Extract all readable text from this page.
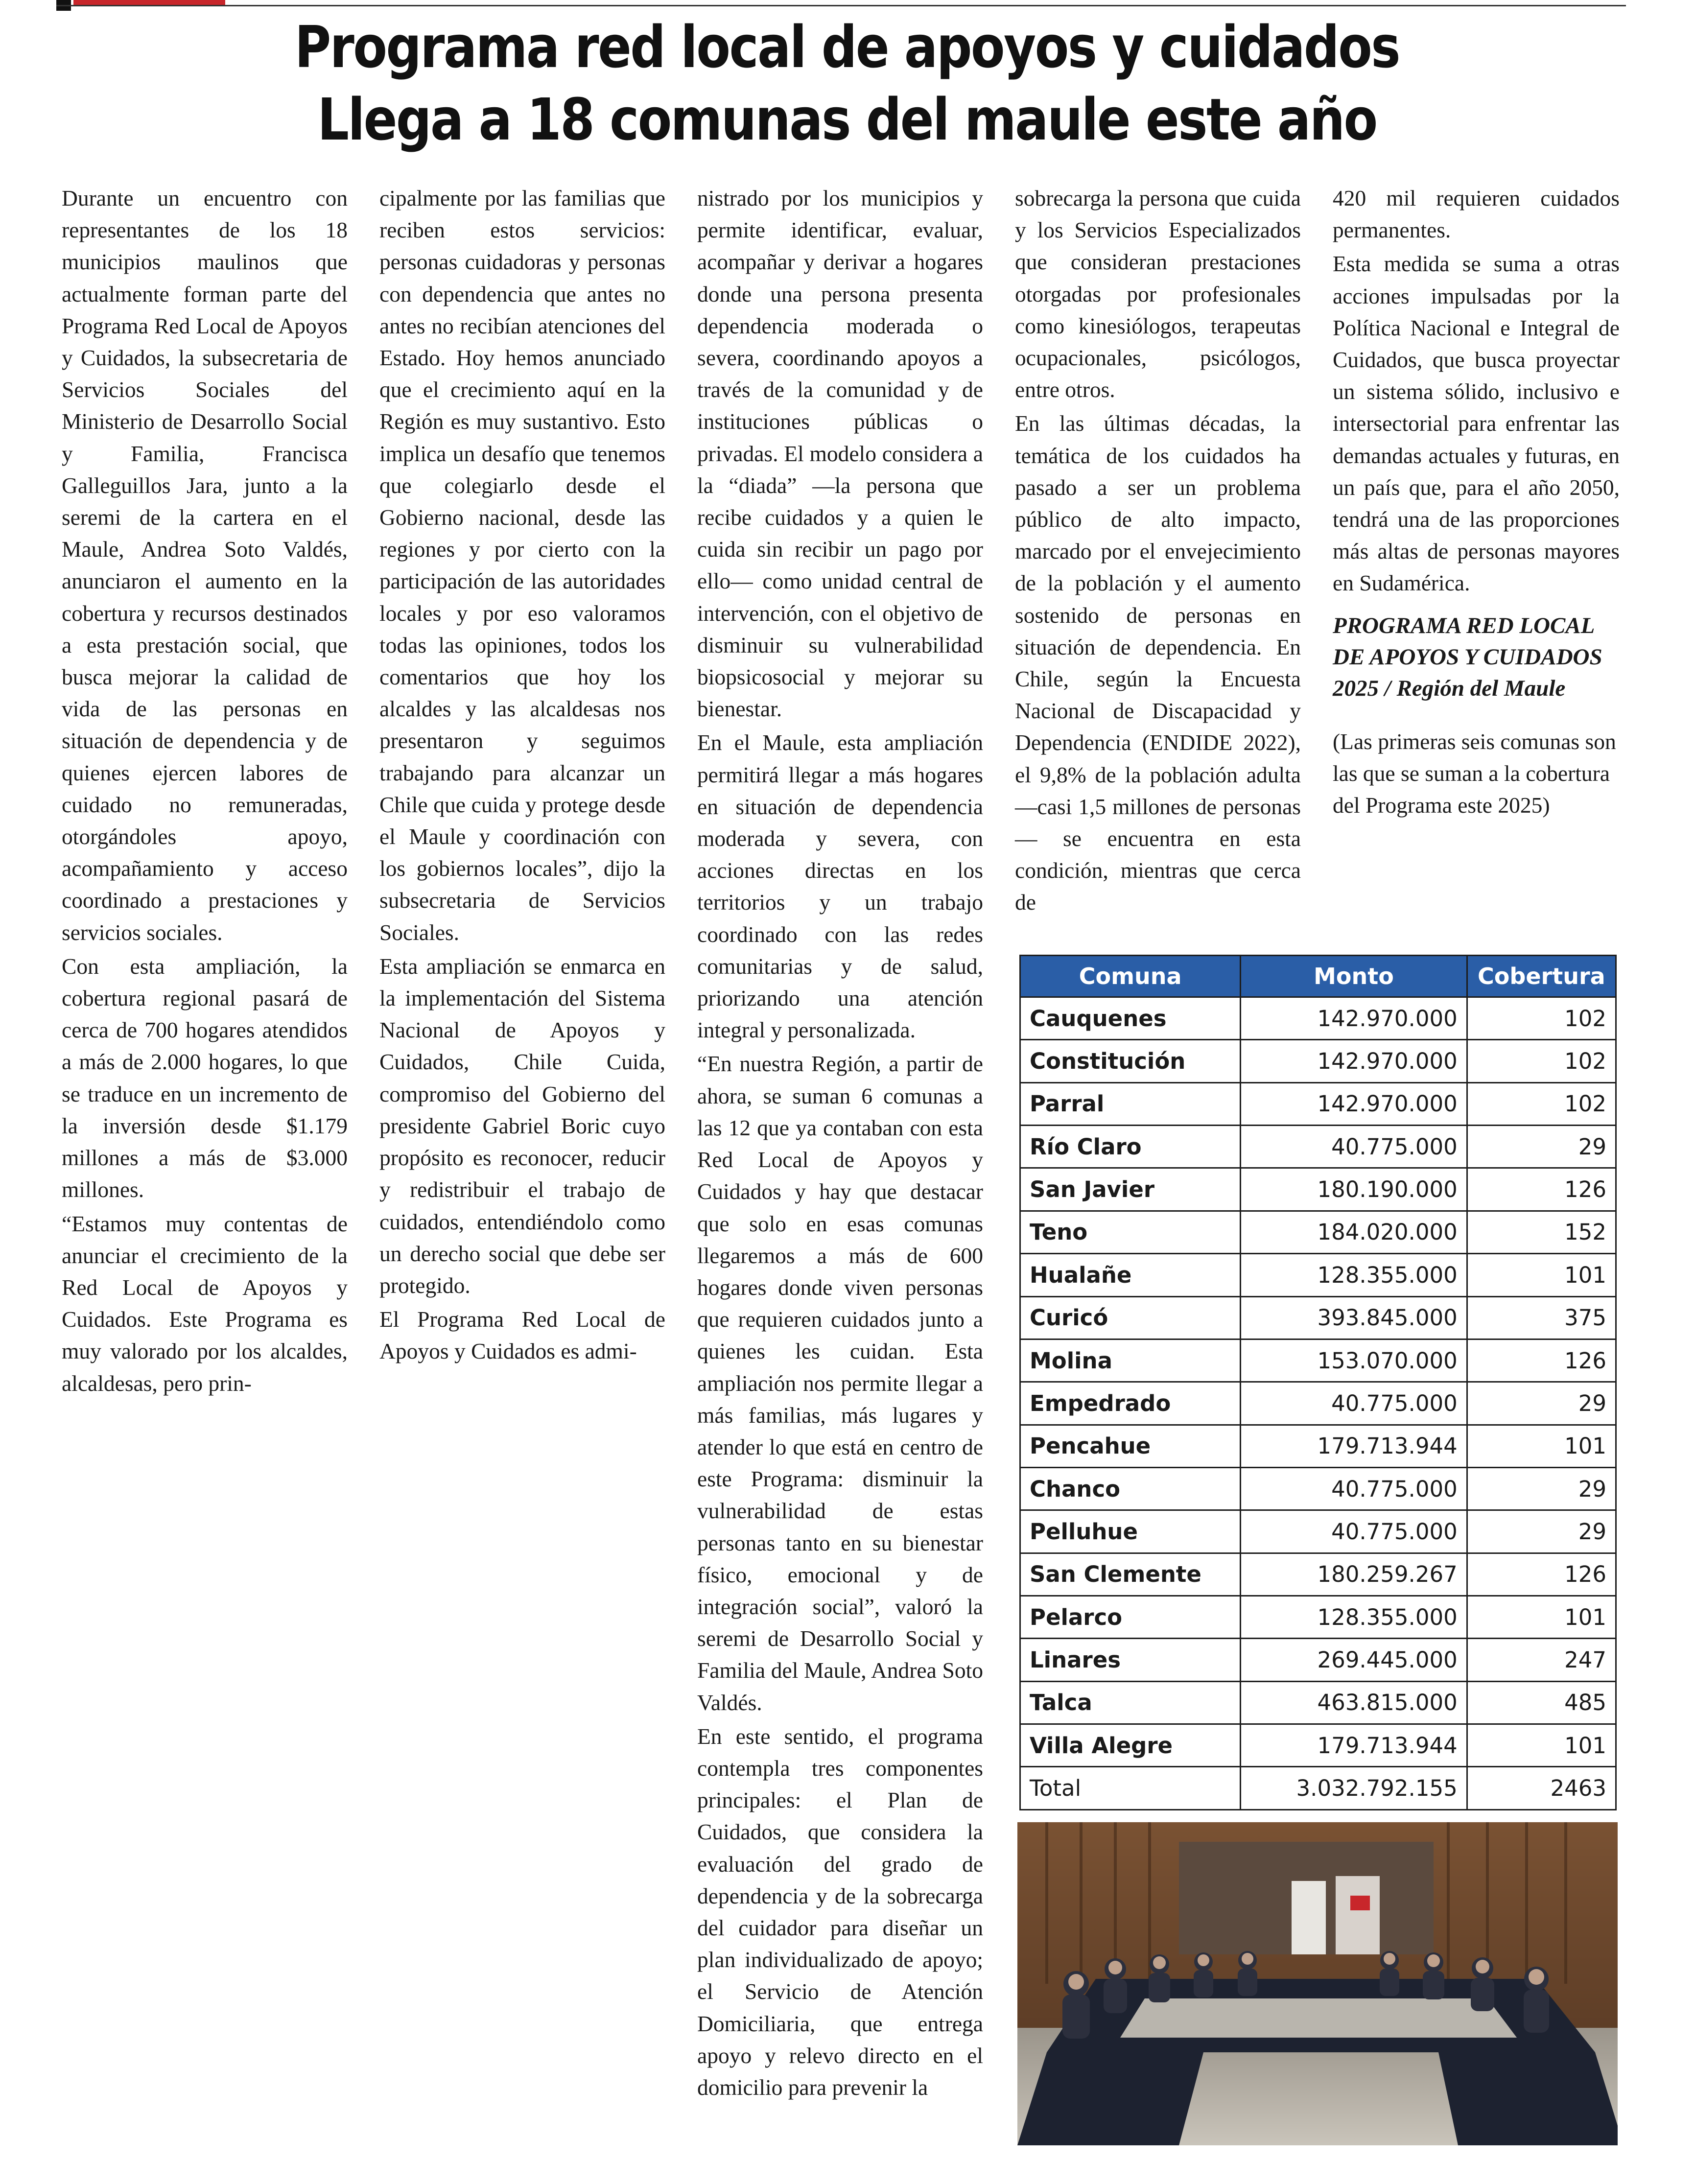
Programa red local de apoyos y cuidados
Llega a 18 comunas del maule este año

Durante un encuentro con representantes de los 18 municipios maulinos que actualmente forman parte del Programa Red Local de Apoyos y Cuidados, la subsecretaria de Servicios Sociales del Ministerio de Desarrollo Social y Familia, Francisca Galleguillos Jara, junto a la seremi de la cartera en el Maule, Andrea Soto Valdés, anunciaron el aumento en la cobertura y recursos destinados a esta prestación social, que busca mejorar la calidad de vida de las personas en situación de dependencia y de quienes ejercen labores de cuidado no remuneradas, otorgándoles apoyo, acompañamiento y acceso coordinado a prestaciones y servicios sociales.

Con esta ampliación, la cobertura regional pasará de cerca de 700 hogares atendidos a más de 2.000 hogares, lo que se traduce en un incremento de la inversión desde $1.179 millones a más de $3.000 millones.

“Estamos muy contentas de anunciar el crecimiento de la Red Local de Apoyos y Cuidados. Este Programa es muy valorado por los alcaldes, alcaldesas, pero prin-

cipalmente por las familias que reciben estos servicios: personas cuidadoras y personas con dependencia que antes no antes no recibían atenciones del Estado. Hoy hemos anunciado que el crecimiento aquí en la Región es muy sustantivo. Esto implica un desafío que tenemos que colegiarlo desde el Gobierno nacional, desde las regiones y por cierto con la participación de las autoridades locales y por eso valoramos todas las opiniones, todos los comentarios que hoy los alcaldes y las alcaldesas nos presentaron y seguimos trabajando para alcanzar un Chile que cuida y protege desde el Maule y coordinación con los gobiernos locales”, dijo la subsecretaria de Servicios Sociales.

Esta ampliación se enmarca en la implementación del Sistema Nacional de Apoyos y Cuidados, Chile Cuida, compromiso del Gobierno del presidente Gabriel Boric cuyo propósito es reconocer, reducir y redistribuir el trabajo de cuidados, entendiéndolo como un derecho social que debe ser protegido.

El Programa Red Local de Apoyos y Cuidados es admi-

nistrado por los municipios y permite identificar, evaluar, acompañar y derivar a hogares donde una persona presenta dependencia moderada o severa, coordinando apoyos a través de la comunidad y de instituciones públicas o privadas. El modelo considera a la “diada” —la persona que recibe cuidados y a quien le cuida sin recibir un pago por ello— como unidad central de intervención, con el objetivo de disminuir su vulnerabilidad biopsicosocial y mejorar su bienestar.

En el Maule, esta ampliación permitirá llegar a más hogares en situación de dependencia moderada y severa, con acciones directas en los territorios y un trabajo coordinado con las redes comunitarias y de salud, priorizando una atención integral y personalizada.

“En nuestra Región, a partir de ahora, se suman 6 comunas a las 12 que ya contaban con esta Red Local de Apoyos y Cuidados y hay que destacar que solo en esas comunas llegaremos a más de 600 hogares donde viven personas que requieren cuidados junto a quienes les cuidan. Esta ampliación nos permite llegar a más familias, más lugares y atender lo que está en centro de este Programa: disminuir la vulnerabilidad de estas personas tanto en su bienestar físico, emocional y de integración social”, valoró la seremi de Desarrollo Social y Familia del Maule, Andrea Soto Valdés.

En este sentido, el programa contempla tres componentes principales: el Plan de Cuidados, que considera la evaluación del grado de dependencia y de la sobrecarga del cuidador para diseñar un plan individualizado de apoyo; el Servicio de Atención Domiciliaria, que entrega apoyo y relevo directo en el domicilio para prevenir la

sobrecarga la persona que cuida y los Servicios Especializados que consideran prestaciones otorgadas por profesionales como kinesiólogos, terapeutas ocupacionales, psicólogos, entre otros.

En las últimas décadas, la temática de los cuidados ha pasado a ser un problema público de alto impacto, marcado por el envejecimiento de la población y el aumento sostenido de personas en situación de dependencia. En Chile, según la Encuesta Nacional de Discapacidad y Dependencia (ENDIDE 2022), el 9,8% de la población adulta —casi 1,5 millones de personas— se encuentra en esta condición, mientras que cerca de

420 mil requieren cuidados permanentes.

Esta medida se suma a otras acciones impulsadas por la Política Nacional e Integral de Cuidados, que busca proyectar un sistema sólido, inclusivo e intersectorial para enfrentar las demandas actuales y futuras, en un país que, para el año 2050, tendrá una de las proporciones más altas de personas mayores en Sudamérica.

PROGRAMA RED LOCAL DE APOYOS Y CUIDADOS 2025 / Región del Maule
(Las primeras seis comunas son las que se suman a la cobertura del Programa este 2025)
Comuna	Monto	Cobertura
Cauquenes	142.970.000	102
Constitución	142.970.000	102
Parral	142.970.000	102
Río Claro	40.775.000	29
San Javier	180.190.000	126
Teno	184.020.000	152
Hualañe	128.355.000	101
Curicó	393.845.000	375
Molina	153.070.000	126
Empedrado	40.775.000	29
Pencahue	179.713.944	101
Chanco	40.775.000	29
Pelluhue	40.775.000	29
San Clemente	180.259.267	126
Pelarco	128.355.000	101
Linares	269.445.000	247
Talca	463.815.000	485
Villa Alegre	179.713.944	101
Total	3.032.792.155	2463
